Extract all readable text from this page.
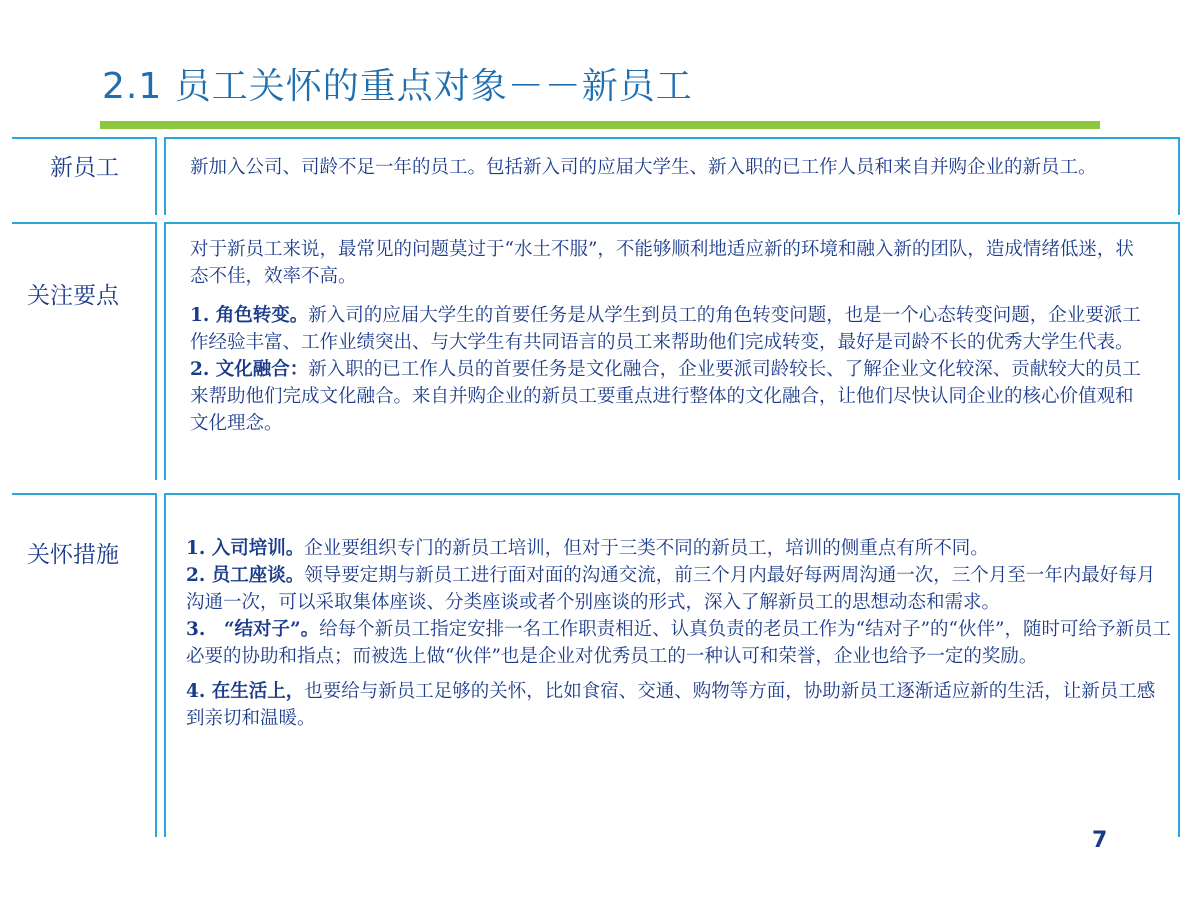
2.1 员工关怀的重点对象－－新员工
新员工	新加入公司、司龄不足一年的员工。包括新入司的应届大学生、新入职的已工作人员和来自并购企业的新员工。

关注要点

对于新员工来说，最常见的问题莫过于“水土不服”，不能够顺利地适应新的环境和融入新的团队，造成情绪低迷，状态不佳，效率不高。

1. 角色转变。新入司的应届大学生的首要任务是从学生到员工的角色转变问题，也是一个心态转变问题，企业要派工作经验丰富、工作业绩突出、与大学生有共同语言的员工来帮助他们完成转变，最好是司龄不长的优秀大学生代表。

2. 文化融合：新入职的已工作人员的首要任务是文化融合，企业要派司龄较长、了解企业文化较深、贡献较大的员工来帮助他们完成文化融合。来自并购企业的新员工要重点进行整体的文化融合，让他们尽快认同企业的核心价值观和文化理念。

关怀措施	1. 入司培训。企业要组织专门的新员工培训，但对于三类不同的新员工，培训的侧重点有所不同。

2. 员工座谈。领导要定期与新员工进行面对面的沟通交流，前三个月内最好每两周沟通一次，三个月至一年内最好每月沟通一次，可以采取集体座谈、分类座谈或者个别座谈的形式，深入了解新员工的思想动态和需求。

3.　“结对子”。给每个新员工指定安排一名工作职责相近、认真负责的老员工作为“结对子”的“伙伴”，随时可给予新员工必要的协助和指点；而被选上做“伙伴”也是企业对优秀员工的一种认可和荣誉，企业也给予一定的奖励。

4. 在生活上，也要给与新员工足够的关怀，比如食宿、交通、购物等方面，协助新员工逐渐适应新的生活，让新员工感到亲切和温暖。

7
